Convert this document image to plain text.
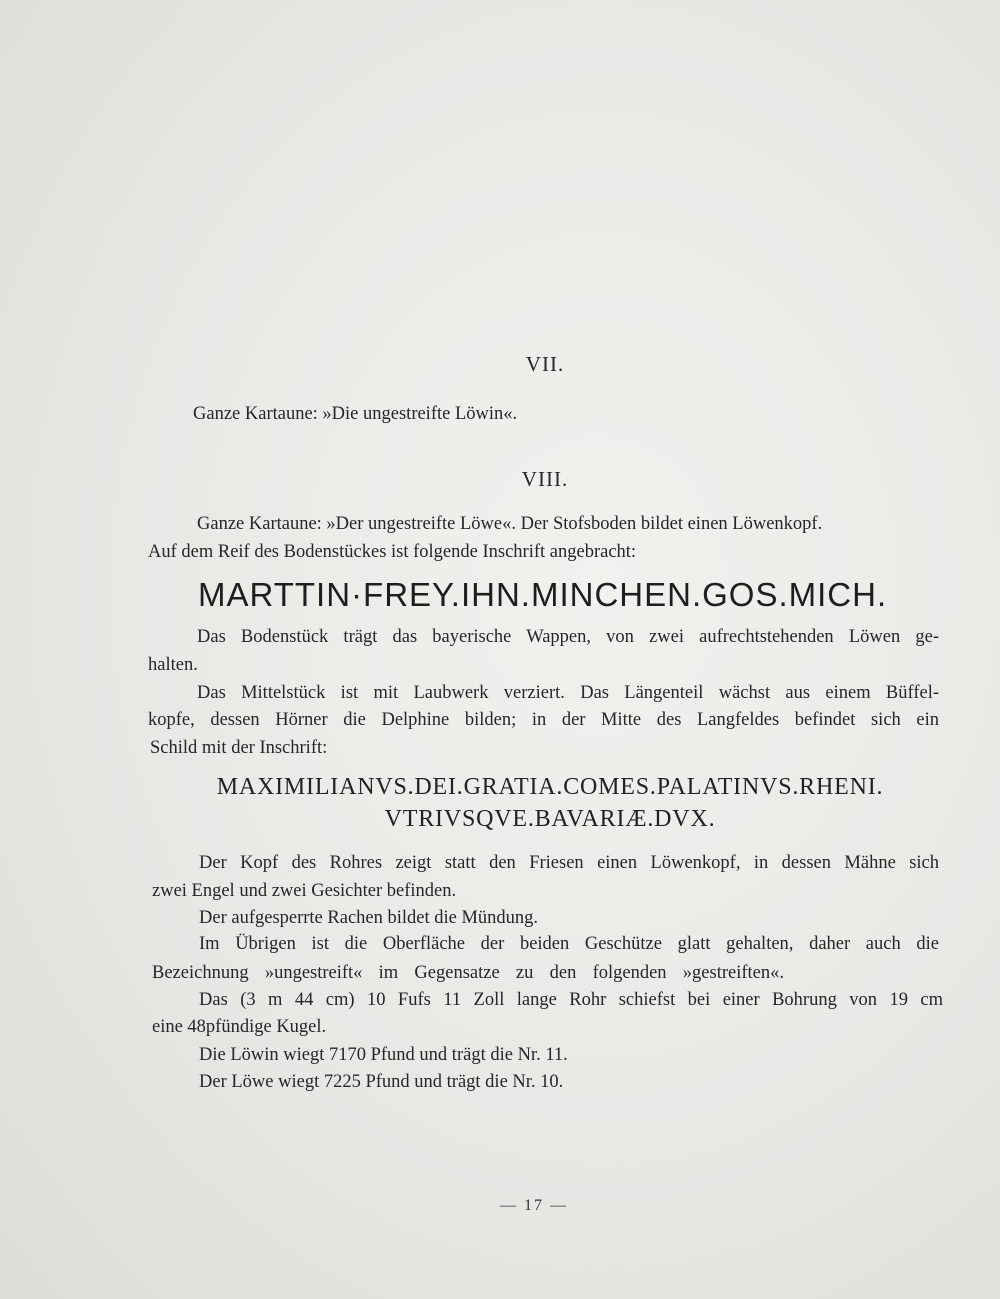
VII.
Ganze Kartaune: »Die ungestreifte Löwin«.
VIII.
Ganze Kartaune: »Der ungestreifte Löwe«. Der Stofsboden bildet einen Löwenkopf.
Auf dem Reif des Bodenstückes ist folgende Inschrift angebracht:
MARTTIN·FREY.IHN.MINCHEN.GOS.MICH.
Das Bodenstück trägt das bayerische Wappen, von zwei aufrechtstehenden Löwen ge-
halten.
Das Mittelstück ist mit Laubwerk verziert. Das Längenteil wächst aus einem Büffel-
kopfe, dessen Hörner die Delphine bilden; in der Mitte des Langfeldes befindet sich ein
Schild mit der Inschrift:
MAXIMILIANVS.DEI.GRATIA.COMES.PALATINVS.RHENI.
VTRIVSQVE.BAVARIÆ.DVX.
Der Kopf des Rohres zeigt statt den Friesen einen Löwenkopf, in dessen Mähne sich
zwei Engel und zwei Gesichter befinden.
Der aufgesperrte Rachen bildet die Mündung.
Im Übrigen ist die Oberfläche der beiden Geschütze glatt gehalten, daher auch die
Bezeichnung »ungestreift« im Gegensatze zu den folgenden »gestreiften«.
Das (3 m 44 cm) 10 Fufs 11 Zoll lange Rohr schiefst bei einer Bohrung von 19 cm
eine 48pfündige Kugel.
Die Löwin wiegt 7170 Pfund und trägt die Nr. 11.
Der Löwe wiegt 7225 Pfund und trägt die Nr. 10.
— 17 —
